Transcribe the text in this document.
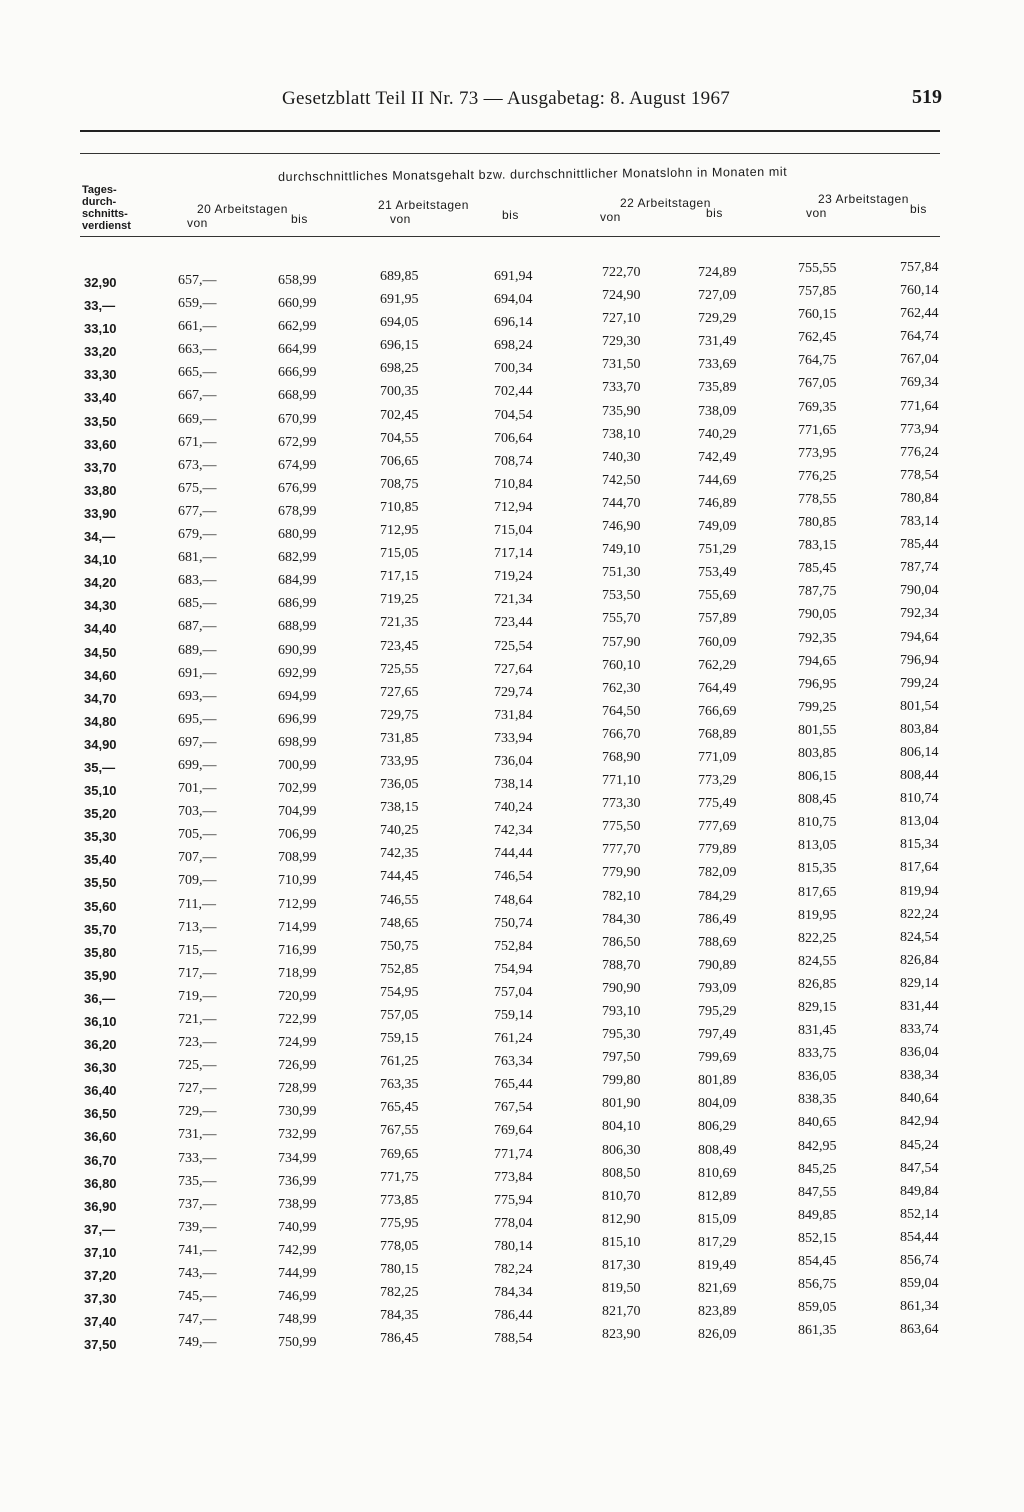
Gesetzblatt Teil II Nr. 73 — Ausgabetag: 8. August 1967	519
Tages-
durch-
schnitts-
verdienst
durchschnittliches Monatsgehalt bzw. durchschnittlicher Monatslohn in Monaten mit
20 Arbeitstagen
von	bis
21 Arbeitstagen
von	bis
22 Arbeitstagen
von	bis
23 Arbeitstagen
von	bis
32,90	657,—	658,99	689,85	691,94	722,70	724,89	755,55	757,84
33,—	659,—	660,99	691,95	694,04	724,90	727,09	757,85	760,14
33,10	661,—	662,99	694,05	696,14	727,10	729,29	760,15	762,44
33,20	663,—	664,99	696,15	698,24	729,30	731,49	762,45	764,74
33,30	665,—	666,99	698,25	700,34	731,50	733,69	764,75	767,04
33,40	667,—	668,99	700,35	702,44	733,70	735,89	767,05	769,34
33,50	669,—	670,99	702,45	704,54	735,90	738,09	769,35	771,64
33,60	671,—	672,99	704,55	706,64	738,10	740,29	771,65	773,94
33,70	673,—	674,99	706,65	708,74	740,30	742,49	773,95	776,24
33,80	675,—	676,99	708,75	710,84	742,50	744,69	776,25	778,54
33,90	677,—	678,99	710,85	712,94	744,70	746,89	778,55	780,84
34,—	679,—	680,99	712,95	715,04	746,90	749,09	780,85	783,14
34,10	681,—	682,99	715,05	717,14	749,10	751,29	783,15	785,44
34,20	683,—	684,99	717,15	719,24	751,30	753,49	785,45	787,74
34,30	685,—	686,99	719,25	721,34	753,50	755,69	787,75	790,04
34,40	687,—	688,99	721,35	723,44	755,70	757,89	790,05	792,34
34,50	689,—	690,99	723,45	725,54	757,90	760,09	792,35	794,64
34,60	691,—	692,99	725,55	727,64	760,10	762,29	794,65	796,94
34,70	693,—	694,99	727,65	729,74	762,30	764,49	796,95	799,24
34,80	695,—	696,99	729,75	731,84	764,50	766,69	799,25	801,54
34,90	697,—	698,99	731,85	733,94	766,70	768,89	801,55	803,84
35,—	699,—	700,99	733,95	736,04	768,90	771,09	803,85	806,14
35,10	701,—	702,99	736,05	738,14	771,10	773,29	806,15	808,44
35,20	703,—	704,99	738,15	740,24	773,30	775,49	808,45	810,74
35,30	705,—	706,99	740,25	742,34	775,50	777,69	810,75	813,04
35,40	707,—	708,99	742,35	744,44	777,70	779,89	813,05	815,34
35,50	709,—	710,99	744,45	746,54	779,90	782,09	815,35	817,64
35,60	711,—	712,99	746,55	748,64	782,10	784,29	817,65	819,94
35,70	713,—	714,99	748,65	750,74	784,30	786,49	819,95	822,24
35,80	715,—	716,99	750,75	752,84	786,50	788,69	822,25	824,54
35,90	717,—	718,99	752,85	754,94	788,70	790,89	824,55	826,84
36,—	719,—	720,99	754,95	757,04	790,90	793,09	826,85	829,14
36,10	721,—	722,99	757,05	759,14	793,10	795,29	829,15	831,44
36,20	723,—	724,99	759,15	761,24	795,30	797,49	831,45	833,74
36,30	725,—	726,99	761,25	763,34	797,50	799,69	833,75	836,04
36,40	727,—	728,99	763,35	765,44	799,80	801,89	836,05	838,34
36,50	729,—	730,99	765,45	767,54	801,90	804,09	838,35	840,64
36,60	731,—	732,99	767,55	769,64	804,10	806,29	840,65	842,94
36,70	733,—	734,99	769,65	771,74	806,30	808,49	842,95	845,24
36,80	735,—	736,99	771,75	773,84	808,50	810,69	845,25	847,54
36,90	737,—	738,99	773,85	775,94	810,70	812,89	847,55	849,84
37,—	739,—	740,99	775,95	778,04	812,90	815,09	849,85	852,14
37,10	741,—	742,99	778,05	780,14	815,10	817,29	852,15	854,44
37,20	743,—	744,99	780,15	782,24	817,30	819,49	854,45	856,74
37,30	745,—	746,99	782,25	784,34	819,50	821,69	856,75	859,04
37,40	747,—	748,99	784,35	786,44	821,70	823,89	859,05	861,34
37,50	749,—	750,99	786,45	788,54	823,90	826,09	861,35	863,64
